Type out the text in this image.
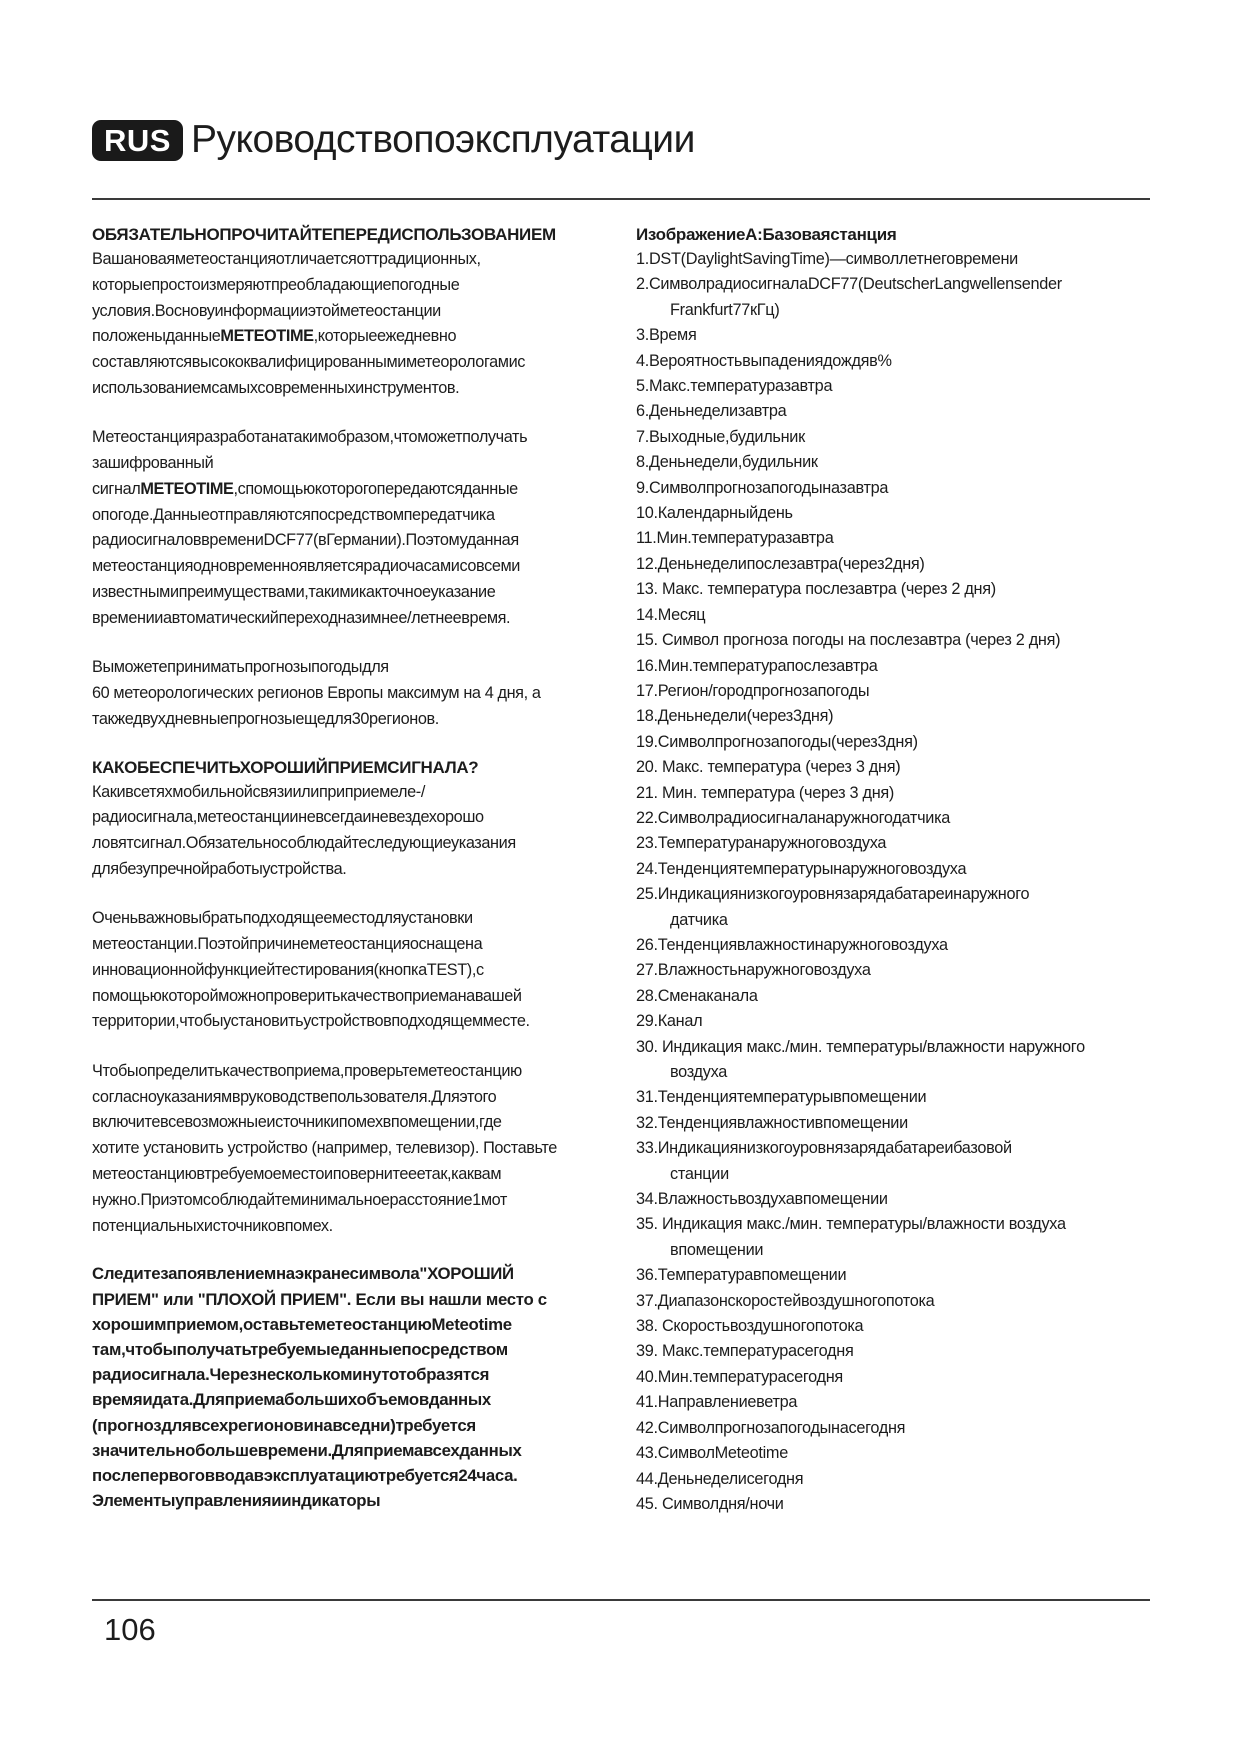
RUS Руководствопоэксплуатации

ОБЯЗАТЕЛЬНОПРОЧИТАЙТЕПЕРЕДИСПОЛЬЗОВАНИЕМ

Вашановаяметеостанцияотличаетсяоттрадиционных,
которыепростоизмеряютпреобладающиепогодные
условия.Восновуинформацииэтойметеостанции
положеныданныеMETEOTIME,которыеежедневно
составляютсявысококвалифицированнымиметеорологамис
использованиемсамыхсовременныхинструментов.

Метеостанцияразработанатакимобразом,чтоможетполучать
зашифрованный
сигналMETEOTIME,спомощьюкоторогопередаютсяданные
опогоде.Данныеотправляютсяпосредствомпередатчика
радиосигналоввремениDCF77(вГермании).Поэтомуданная
метеостанцияодновременноявляетсярадиочасамисовсеми
известнымипреимуществами,такимикакточноеуказание
временииавтоматическийпереходназимнее/летнеевремя.

Выможетеприниматьпрогнозыпогодыдля
60 метеорологических регионов Европы максимум на 4 дня, а
такжедвухдневныепрогнозыещедля30регионов.

КАКОБЕСПЕЧИТЬХОРОШИЙПРИЕМСИГНАЛА?

Какивсетяхмобильнойсвязиилиприприемеле-/
радиосигнала,метеостанцииневсегдаиневездехорошо
ловятсигнал.Обязательнособлюдайтеследующиеуказания
длябезупречнойработыустройства.

Оченьважновыбратьподходящееместодляустановки
метеостанции.Поэтойпричинеметеостанцияоснащена
инновационнойфункциейтестирования(кнопкаTEST),с
помощьюкоторойможнопроверитькачествоприеманавашей
территории,чтобыустановитьустройствовподходящемместе.

Чтобыопределитькачествоприема,проверьтеметеостанцию
согласноуказаниямвруководствепользователя.Дляэтого
включитевсевозможныеисточникипомехвпомещении,где
хотите установить устройство (например, телевизор). Поставьте
метеостанциювтребуемоеместоиповернитееетак,каквам
нужно.Приэтомсоблюдайтеминимальноерасстояние1мот
потенциальныхисточниковпомех.

Следитезапоявлениемнаэкранесимвола"ХОРОШИЙ
ПРИЕМ" или "ПЛОХОЙ ПРИЕМ". Если вы нашли место с
хорошимприемом,оставьтеметеостанциюMeteotime
там,чтобыполучатьтребуемыеданныепосредством
радиосигнала.Черезнесколькоминутотобразятся
времяидата.Дляприемабольшихобъемовданных
(прогноздлявсехрегионовинавседни)требуется
значительнобольшевремени.Дляприемавсехданных
послепервоговводавэксплуатациютребуется24часа.
Элементыуправленияииндикаторы

ИзображениеА:Базоваястанция

1.DST(DaylightSavingTime)—символлетнеговремени
2.СимволрадиосигналаDCF77(DeutscherLangwellensender
Frankfurt77кГц)
3.Время
4.Вероятностьвыпадениядождяв%
5.Макс.температуразавтра
6.Деньнеделизавтра
7.Выходные,будильник
8.Деньнедели,будильник
9.Символпрогнозапогодыназавтра
10.Календарныйдень
11.Мин.температуразавтра
12.Деньнеделипослезавтра(через2дня)
13. Макс. температура послезавтра (через 2 дня)
14.Месяц
15. Символ прогноза погоды на послезавтра (через 2 дня)
16.Мин.температурапослезавтра
17.Регион/городпрогнозапогоды
18.Деньнедели(через3дня)
19.Символпрогнозапогоды(через3дня)
20. Макс. температура (через 3 дня)
21. Мин. температура (через 3 дня)
22.Символрадиосигналанаружногодатчика
23.Температуранаружноговоздуха
24.Тенденциятемпературынаружноговоздуха
25.Индикациянизкогоуровнязарядабатареинаружного
датчика
26.Тенденциявлажностинаружноговоздуха
27.Влажностьнаружноговоздуха
28.Сменаканала
29.Канал
30. Индикация макс./мин. температуры/влажности наружного
воздуха
31.Тенденциятемпературывпомещении
32.Тенденциявлажностивпомещении
33.Индикациянизкогоуровнязарядабатареибазовой
станции
34.Влажностьвоздухавпомещении
35. Индикация макс./мин. температуры/влажности воздуха
впомещении
36.Температуравпомещении
37.Диапазонскоростейвоздушногопотока
38. Скоростьвоздушногопотока
39. Макс.температурасегодня
40.Мин.температурасегодня
41.Направлениеветра
42.Символпрогнозапогодынасегодня
43.СимволMeteotime
44.Деньнеделисегодня
45. Символдня/ночи
106
